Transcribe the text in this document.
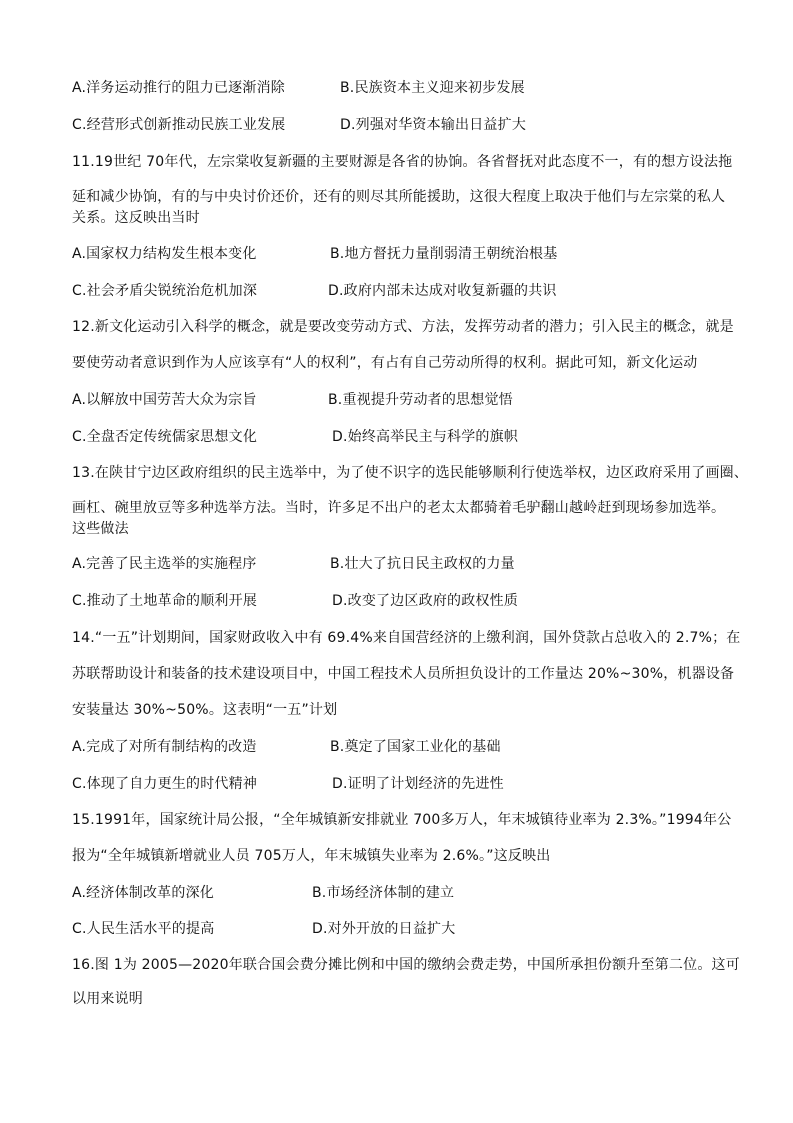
A.洋务运动推行的阻力已逐渐消除	B.民族资本主义迎来初步发展
C.经营形式创新推动民族工业发展	D.列强对华资本输出日益扩大
11.19世纪 70年代，左宗棠收复新疆的主要财源是各省的协饷。各省督抚对此态度不一，有的想方设法拖
延和减少协饷，有的与中央讨价还价，还有的则尽其所能援助，这很大程度上取决于他们与左宗棠的私人
关系。这反映出当时
A.国家权力结构发生根本变化	B.地方督抚力量削弱清王朝统治根基
C.社会矛盾尖锐统治危机加深	D.政府内部未达成对收复新疆的共识
12.新文化运动引入科学的概念，就是要改变劳动方式、方法，发挥劳动者的潜力；引入民主的概念，就是
要使劳动者意识到作为人应该享有“人的权利”，有占有自己劳动所得的权利。据此可知，新文化运动
A.以解放中国劳苦大众为宗旨	B.重视提升劳动者的思想觉悟
C.全盘否定传统儒家思想文化	D.始终高举民主与科学的旗帜
13.在陕甘宁边区政府组织的民主选举中，为了使不识字的选民能够顺利行使选举权，边区政府采用了画圈、
画杠、碗里放豆等多种选举方法。当时，许多足不出户的老太太都骑着毛驴翻山越岭赶到现场参加选举。
这些做法
A.完善了民主选举的实施程序	B.壮大了抗日民主政权的力量
C.推动了土地革命的顺利开展	D.改变了边区政府的政权性质
14.“一五”计划期间，国家财政收入中有 69.4%来自国营经济的上缴利润，国外贷款占总收入的 2.7%；在
苏联帮助设计和装备的技术建设项目中，中国工程技术人员所担负设计的工作量达 20%~30%，机器设备
安装量达 30%~50%。这表明“一五”计划
A.完成了对所有制结构的改造	B.奠定了国家工业化的基础
C.体现了自力更生的时代精神	D.证明了计划经济的先进性
15.1991年，国家统计局公报，“全年城镇新安排就业 700多万人，年末城镇待业率为 2.3%。”1994年公
报为“全年城镇新增就业人员 705万人，年末城镇失业率为 2.6%。”这反映出
A.经济体制改革的深化	B.市场经济体制的建立
C.人民生活水平的提高	D.对外开放的日益扩大
16.图 1为 2005—2020年联合国会费分摊比例和中国的缴纳会费走势，中国所承担份额升至第二位。这可
以用来说明
